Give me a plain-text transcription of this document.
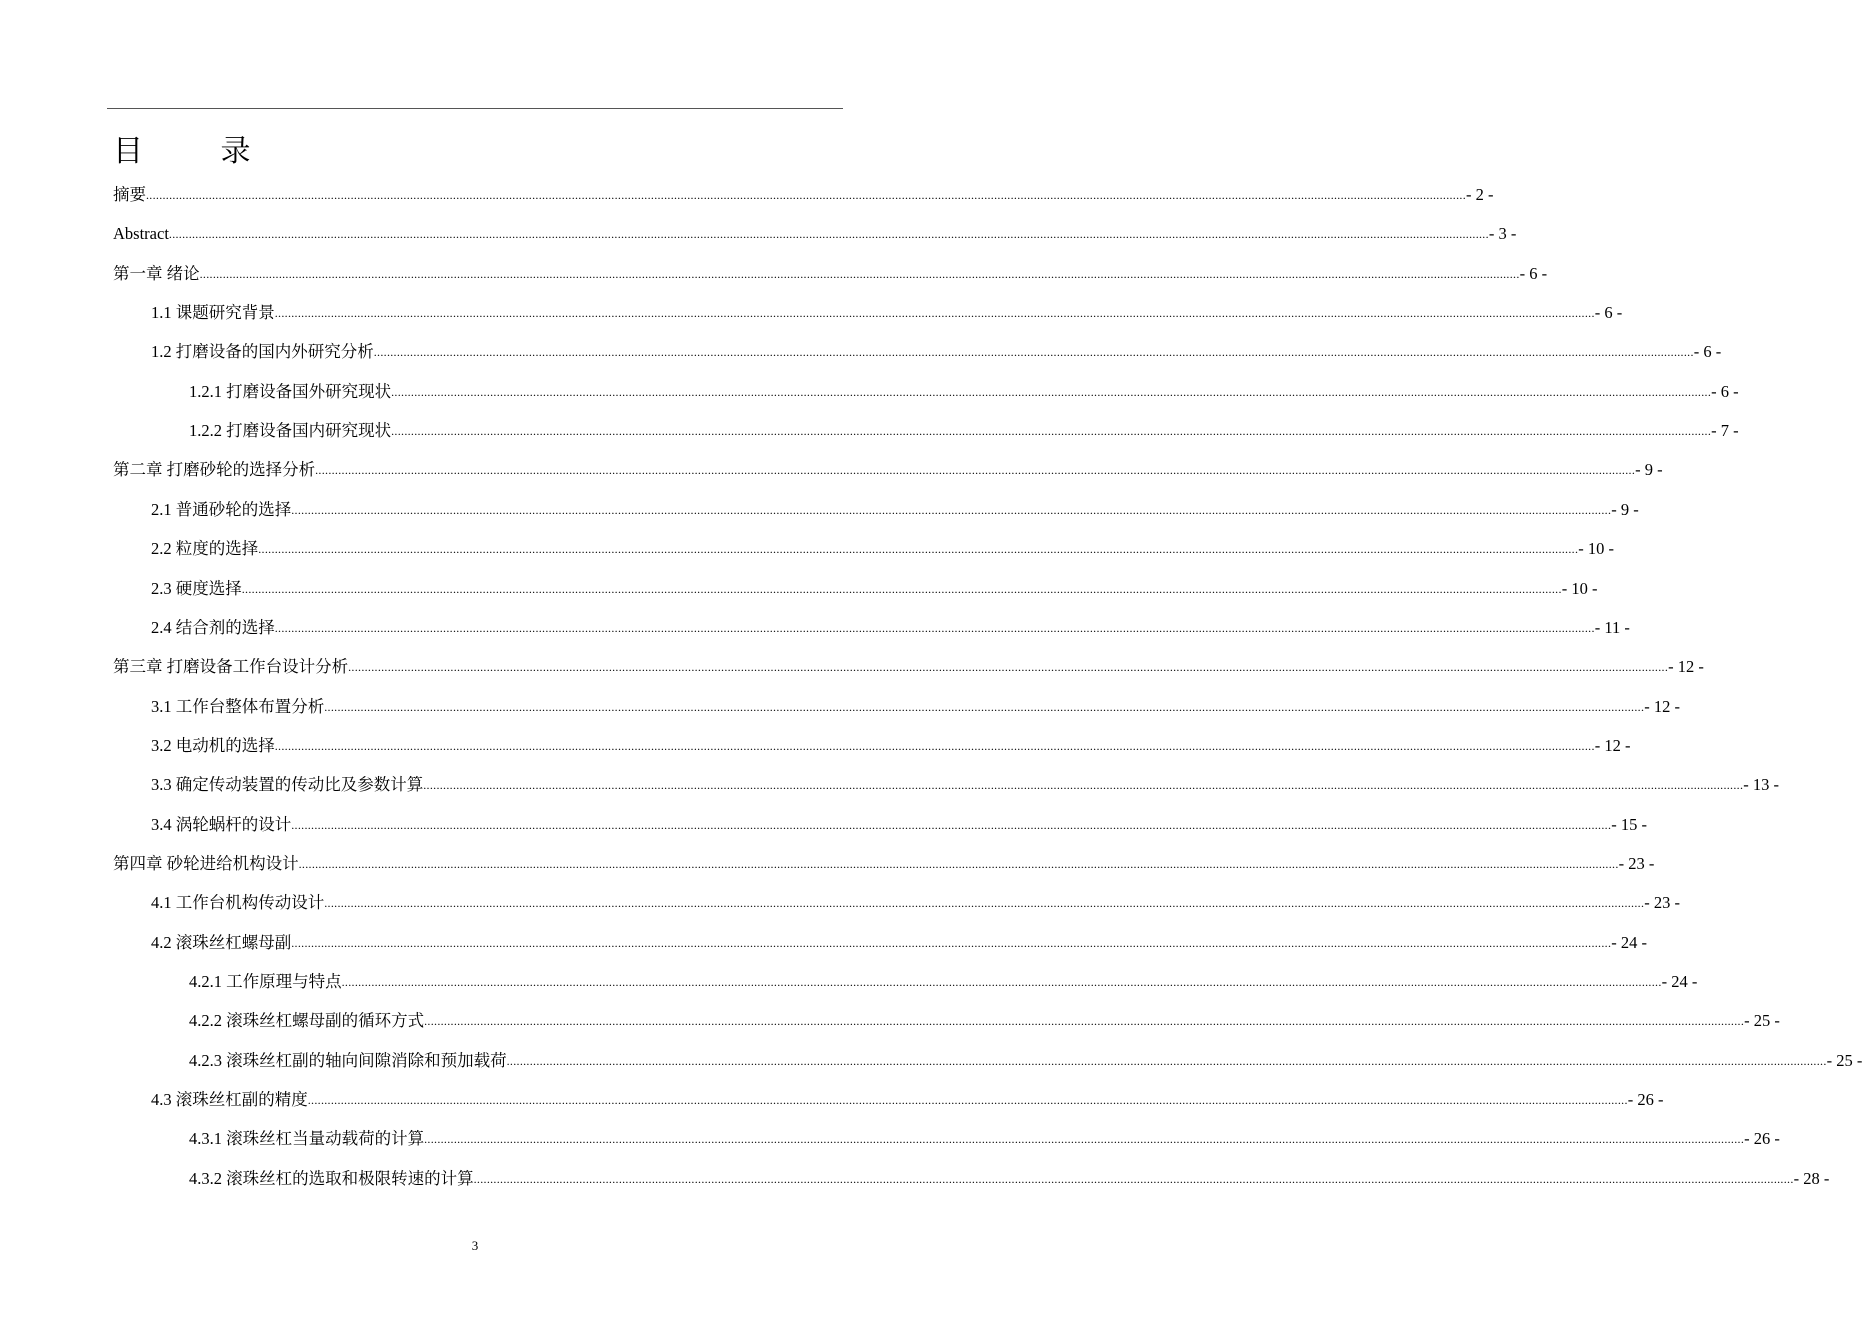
目 录
摘要 ................................................................................................................................................................................................................................................................................................................................................................................................................ - 2 -
Abstract ................................................................................................................................................................................................................................................................................................................................................................................................................ - 3 -
第一章 绪论 ................................................................................................................................................................................................................................................................................................................................................................................................................ - 6 -
1.1 课题研究背景 ................................................................................................................................................................................................................................................................................................................................................................................................................ - 6 -
1.2 打磨设备的国内外研究分析 ................................................................................................................................................................................................................................................................................................................................................................................................................ - 6 -
1.2.1 打磨设备国外研究现状 ................................................................................................................................................................................................................................................................................................................................................................................................................ - 6 -
1.2.2 打磨设备国内研究现状 ................................................................................................................................................................................................................................................................................................................................................................................................................ - 7 -
第二章 打磨砂轮的选择分析 ................................................................................................................................................................................................................................................................................................................................................................................................................ - 9 -
2.1 普通砂轮的选择 ................................................................................................................................................................................................................................................................................................................................................................................................................ - 9 -
2.2 粒度的选择 ................................................................................................................................................................................................................................................................................................................................................................................................................ - 10 -
2.3 硬度选择 ................................................................................................................................................................................................................................................................................................................................................................................................................ - 10 -
2.4 结合剂的选择 ................................................................................................................................................................................................................................................................................................................................................................................................................ - 11 -
第三章 打磨设备工作台设计分析 ................................................................................................................................................................................................................................................................................................................................................................................................................ - 12 -
3.1 工作台整体布置分析 ................................................................................................................................................................................................................................................................................................................................................................................................................ - 12 -
3.2 电动机的选择 ................................................................................................................................................................................................................................................................................................................................................................................................................ - 12 -
3.3 确定传动装置的传动比及参数计算 ................................................................................................................................................................................................................................................................................................................................................................................................................ - 13 -
3.4 涡轮蜗杆的设计 ................................................................................................................................................................................................................................................................................................................................................................................................................ - 15 -
第四章 砂轮进给机构设计 ................................................................................................................................................................................................................................................................................................................................................................................................................ - 23 -
4.1 工作台机构传动设计 ................................................................................................................................................................................................................................................................................................................................................................................................................ - 23 -
4.2 滚珠丝杠螺母副 ................................................................................................................................................................................................................................................................................................................................................................................................................ - 24 -
4.2.1 工作原理与特点 ................................................................................................................................................................................................................................................................................................................................................................................................................ - 24 -
4.2.2 滚珠丝杠螺母副的循环方式 ................................................................................................................................................................................................................................................................................................................................................................................................................ - 25 -
4.2.3 滚珠丝杠副的轴向间隙消除和预加载荷 ................................................................................................................................................................................................................................................................................................................................................................................................................ - 25 -
4.3 滚珠丝杠副的精度 ................................................................................................................................................................................................................................................................................................................................................................................................................ - 26 -
4.3.1 滚珠丝杠当量动载荷的计算 ................................................................................................................................................................................................................................................................................................................................................................................................................ - 26 -
4.3.2 滚珠丝杠的选取和极限转速的计算 ................................................................................................................................................................................................................................................................................................................................................................................................................ - 28 -
3
